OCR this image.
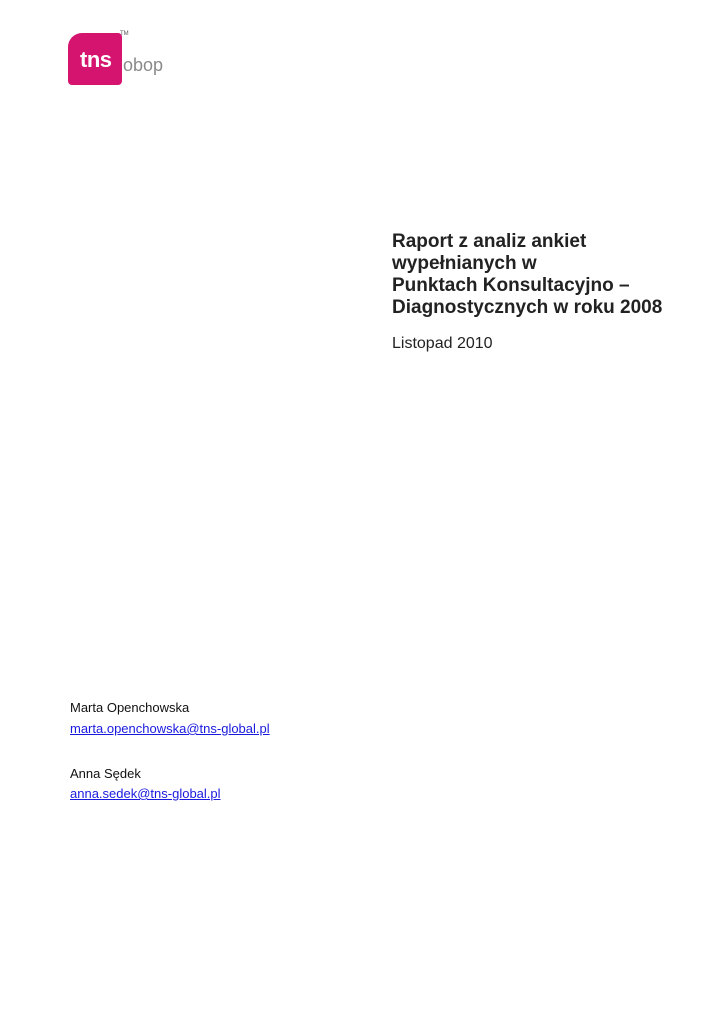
tns
TM
obop
Raport z analiz ankiet
wypełnianych w
Punktach Konsultacyjno –
Diagnostycznych w roku 2008
Listopad 2010
Marta Openchowska
marta.openchowska@tns-global.pl
Anna Sędek
anna.sedek@tns-global.pl
